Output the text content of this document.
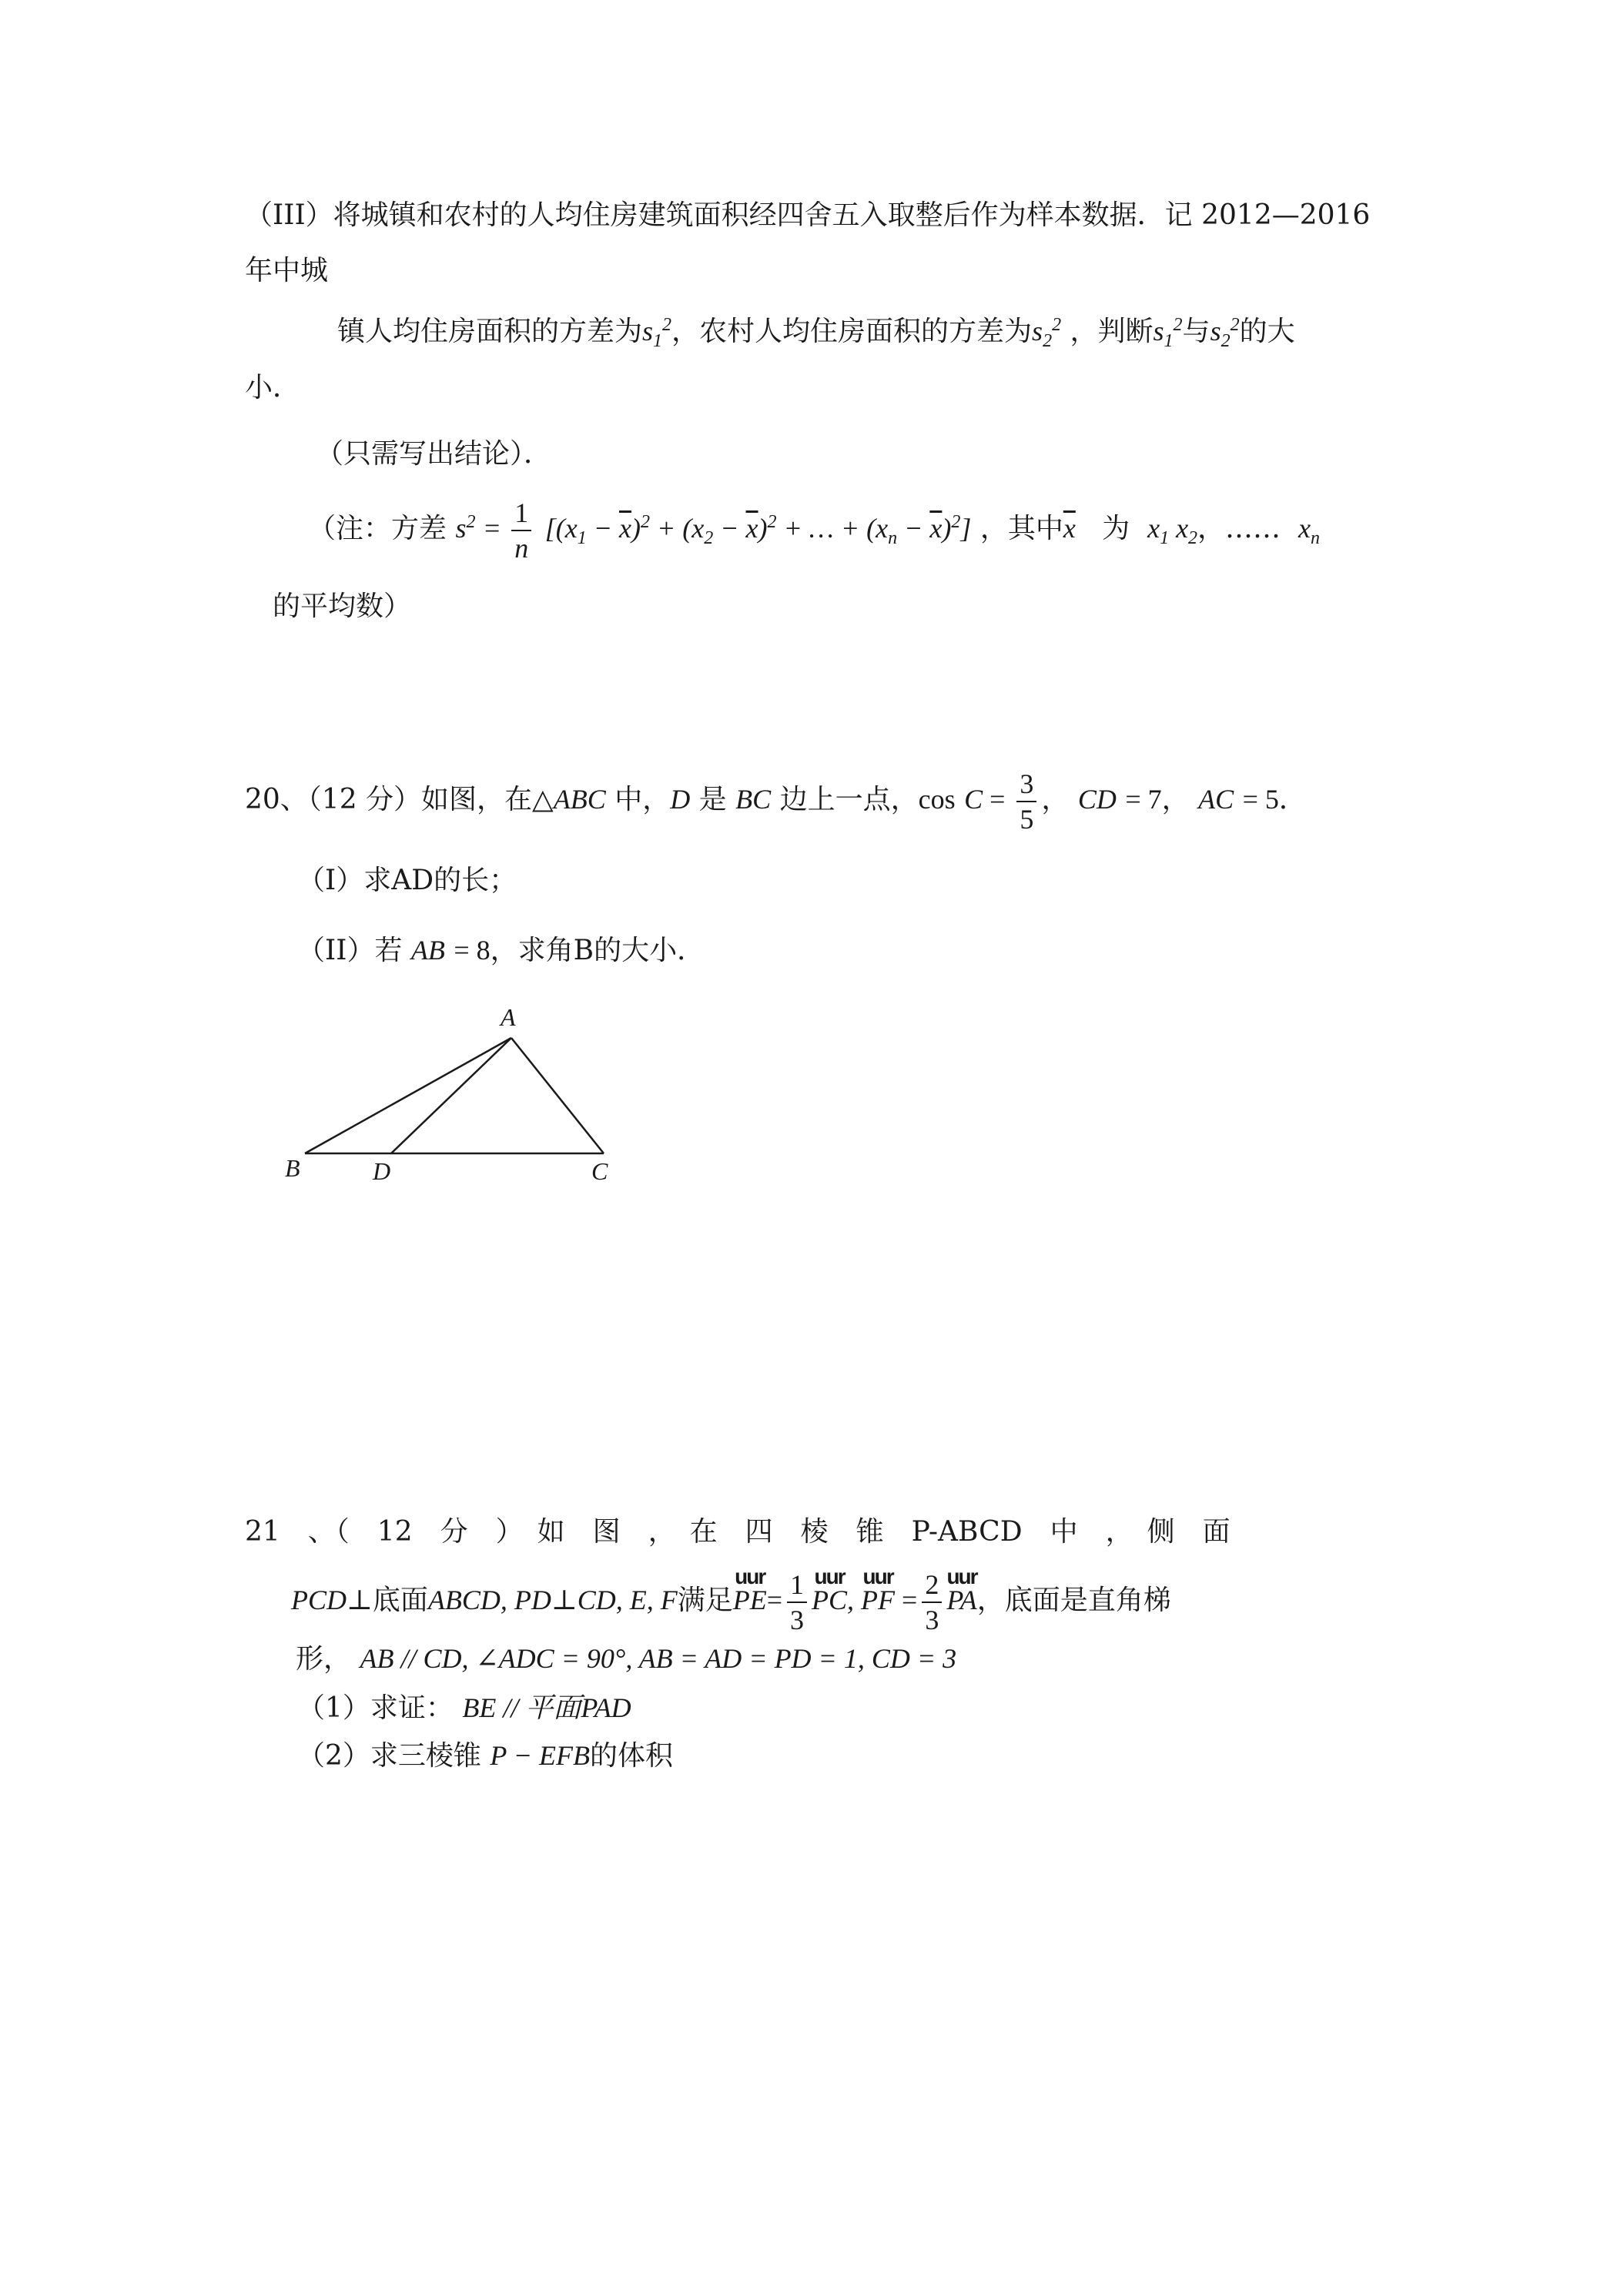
（III）将城镇和农村的人均住房建筑面积经四舍五入取整后作为样本数据．记 2012—2016
年中城
镇人均住房面积的方差为$s_1^2$，农村人均住房面积的方差为$s_2^2$ ，判断$s_1^2$与$s_2^2$的大
小．
（只需写出结论）．
（注：方差 $s^2 = \frac{1}{n} [(x_1 - \overline{x})^2 + (x_2 - \overline{x})^2$ + … + $(x_n - \overline{x})^2$] ，其中$\overline{x}$ 为 $x_1$ $x_2$，…… $x_n$
的平均数）
20、（12 分）如图，在△ABC 中，D 是 BC 边上一点，$\cos C = \frac{3}{5}$ ， CD = 7， AC = 5．
（I）求AD的长；
（II）若 AB = 8，求角B的大小．
A
B	D	C
21　、（　12　分　）　如　图　，　在　四　棱　锥　P-ABCD　中　，　侧　面
PCD⊥底面ABCD, PD⊥CD, E, F满足
uur
$PE= \frac{1}{3}$ uur
PC,
uur
PF = $\frac{2}{3}$ uur
PA，底面是直角梯
形， AB // CD, ∠ADC = 90°, AB = AD = PD = 1, CD = 3
（1）求证： BE // 平面PAD
（2）求三棱锥 P − EFB的体积
